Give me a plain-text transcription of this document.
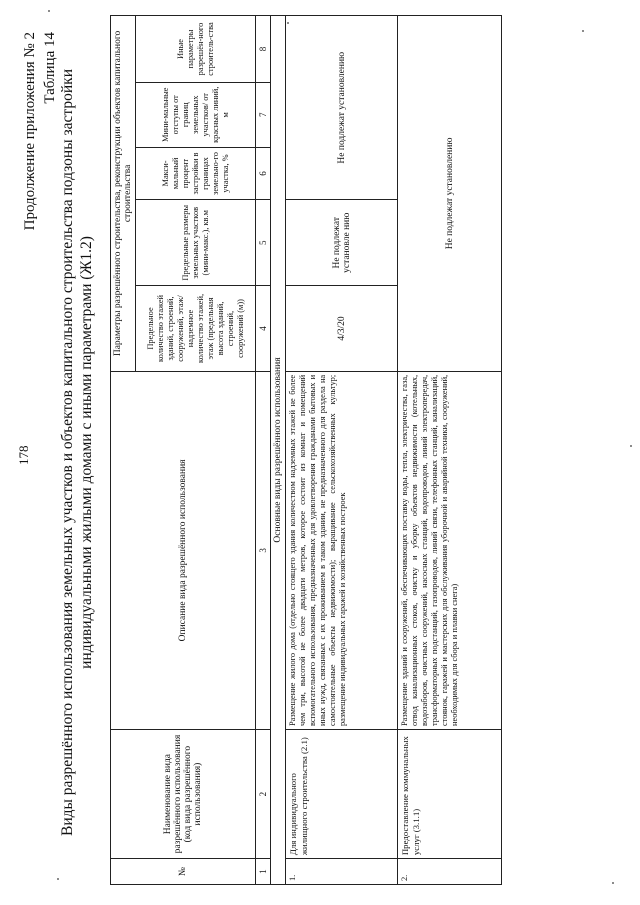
178
Продолжение приложения № 2 Таблица 14
Виды разрешённого использования земельных участков и объектов капитального строительства подзоны застройки индивидуальными жилыми домами с иными параметрами (Ж1.2)
№	Наименование вида разрешённого использования (код вида разрешённого использования)	Описание вида разрешённого использования	Параметры разрешённого строительства, реконструкции объектов капитального строительства				
			Предельное количество этажей зданий, строений, сооружений, этаж/ надземное количество этажей, этаж (предельная высота зданий, строений, сооружений (м))	Предельные размеры земельных участков (мини-макс.), кв.м	Макси-мальный процент застройки в границах земельно-го участка, %	Мини-мальные отступы от границ земельных участков/ от красных линий, м	Иные параметры разрешён-ного строитель-ства
1	2	3	4	5	6	7	8
Основные виды разрешённого использования							
1.	Для индивидуального жилищного строительства (2.1)	Размещение жилого дома (отдельно стоящего здания количеством надземных этажей не более чем три, высотой не более двадцати метров, которое состоит из комнат и помещений вспомогательного использования, предназначенных для удовлетворения гражданами бытовых и иных нужд, связанных с их проживанием в таком здании, не предназначенного для раздела на самостоятельные объекты недвижимости); выращивание сельскохозяйственных культур; размещение индивидуальных гаражей и хозяйственных построек	4/3/20	Не подлежат установле нию	Не подлежат установлению		
2.	Предоставление коммунальных услуг (3.1.1)	Размещение зданий и сооружений, обеспечивающих поставку воды, тепла, электричества, газа, отвод канализационных стоков, очистку и уборку объектов недвижимости (котельных, водозаборов, очистных сооружений, насосных станций, водопроводов, линий электропередач, трансформаторных подстанций, газопроводов, линий связи, телефонных станций, канализаций, стоянок, гаражей и мастерских для обслуживания уборочной и аварийной техники, сооружений, необходимых для сбора и плавки снега)	Не подлежат установлению				
